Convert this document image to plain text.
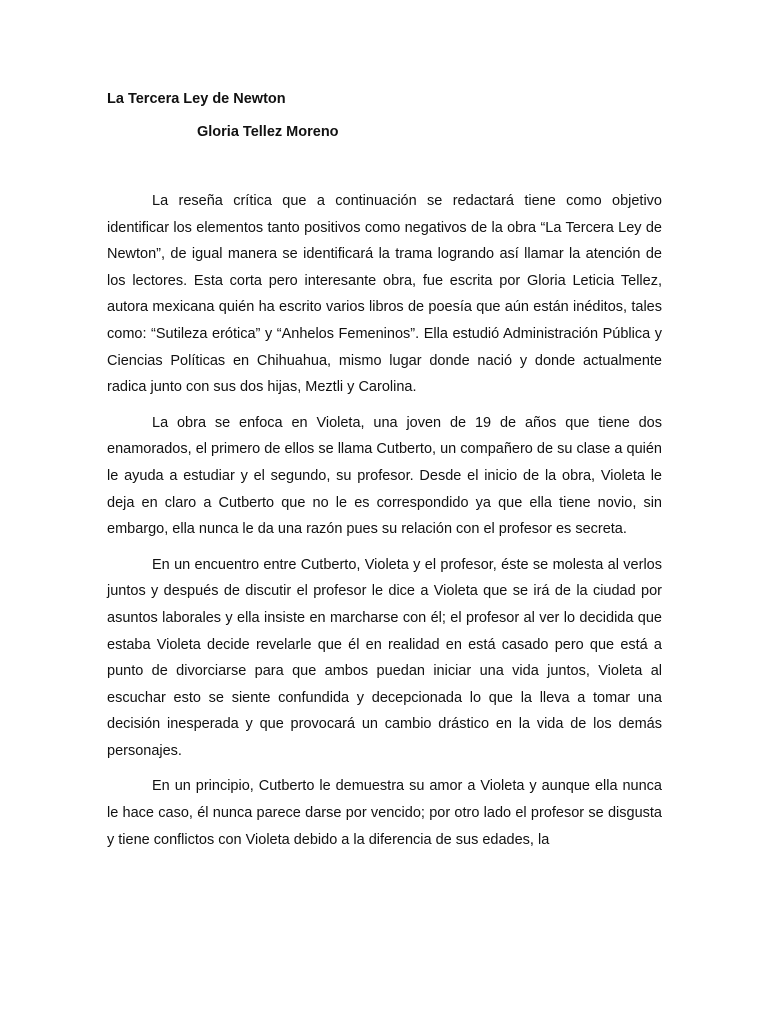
La Tercera Ley de Newton
Gloria Tellez Moreno

La reseña crítica que a continuación se redactará tiene como objetivo identificar los elementos tanto positivos como negativos de la obra “La Tercera Ley de Newton”, de igual manera se identificará la trama logrando así llamar la atención de los lectores. Esta corta pero interesante obra, fue escrita por Gloria Leticia Tellez, autora mexicana quién ha escrito varios libros de poesía que aún están inéditos, tales como: “Sutileza erótica” y “Anhelos Femeninos”. Ella estudió Administración Pública y Ciencias Políticas en Chihuahua, mismo lugar donde nació y donde actualmente radica junto con sus dos hijas, Meztli y Carolina.

La obra se enfoca en Violeta, una joven de 19 de años que tiene dos enamorados, el primero de ellos se llama Cutberto, un compañero de su clase a quién le ayuda a estudiar y el segundo, su profesor. Desde el inicio de la obra, Violeta le deja en claro a Cutberto que no le es correspondido ya que ella tiene novio, sin embargo, ella nunca le da una razón pues su relación con el profesor es secreta.

En un encuentro entre Cutberto, Violeta y el profesor, éste se molesta al verlos juntos y después de discutir el profesor le dice a Violeta que se irá de la ciudad por asuntos laborales y ella insiste en marcharse con él; el profesor al ver lo decidida que estaba Violeta decide revelarle que él en realidad en está casado pero que está a punto de divorciarse para que ambos puedan iniciar una vida juntos, Violeta al escuchar esto se siente confundida y decepcionada lo que la lleva a tomar una decisión inesperada y que provocará un cambio drástico en la vida de los demás personajes.

En un principio, Cutberto le demuestra su amor a Violeta y aunque ella nunca le hace caso, él nunca parece darse por vencido; por otro lado el profesor se disgusta y tiene conflictos con Violeta debido a la diferencia de sus edades, la
